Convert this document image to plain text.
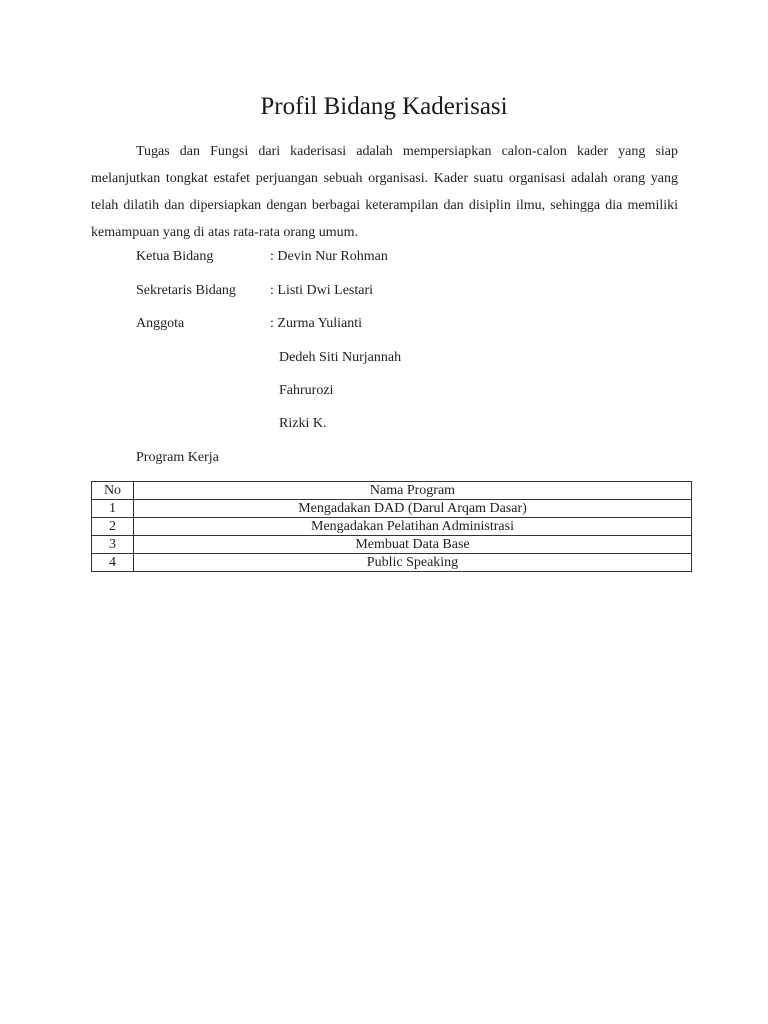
Profil Bidang Kaderisasi

Tugas dan Fungsi dari kaderisasi adalah mempersiapkan calon-calon kader yang siap melanjutkan tongkat estafet perjuangan sebuah organisasi. Kader suatu organisasi adalah orang yang telah dilatih dan dipersiapkan dengan berbagai keterampilan dan disiplin ilmu, sehingga dia memiliki kemampuan yang di atas rata-rata orang umum.

Ketua Bidang	: Devin Nur Rohman
Sekretaris Bidang : Listi Dwi Lestari
Anggota	: Zurma Yulianti
Dedeh Siti Nurjannah
Fahrurozi
Rizki K.
Program Kerja
No	Nama Program
1	Mengadakan DAD (Darul Arqam Dasar)
2	Mengadakan Pelatihan Administrasi
3	Membuat Data Base
4	Public Speaking
